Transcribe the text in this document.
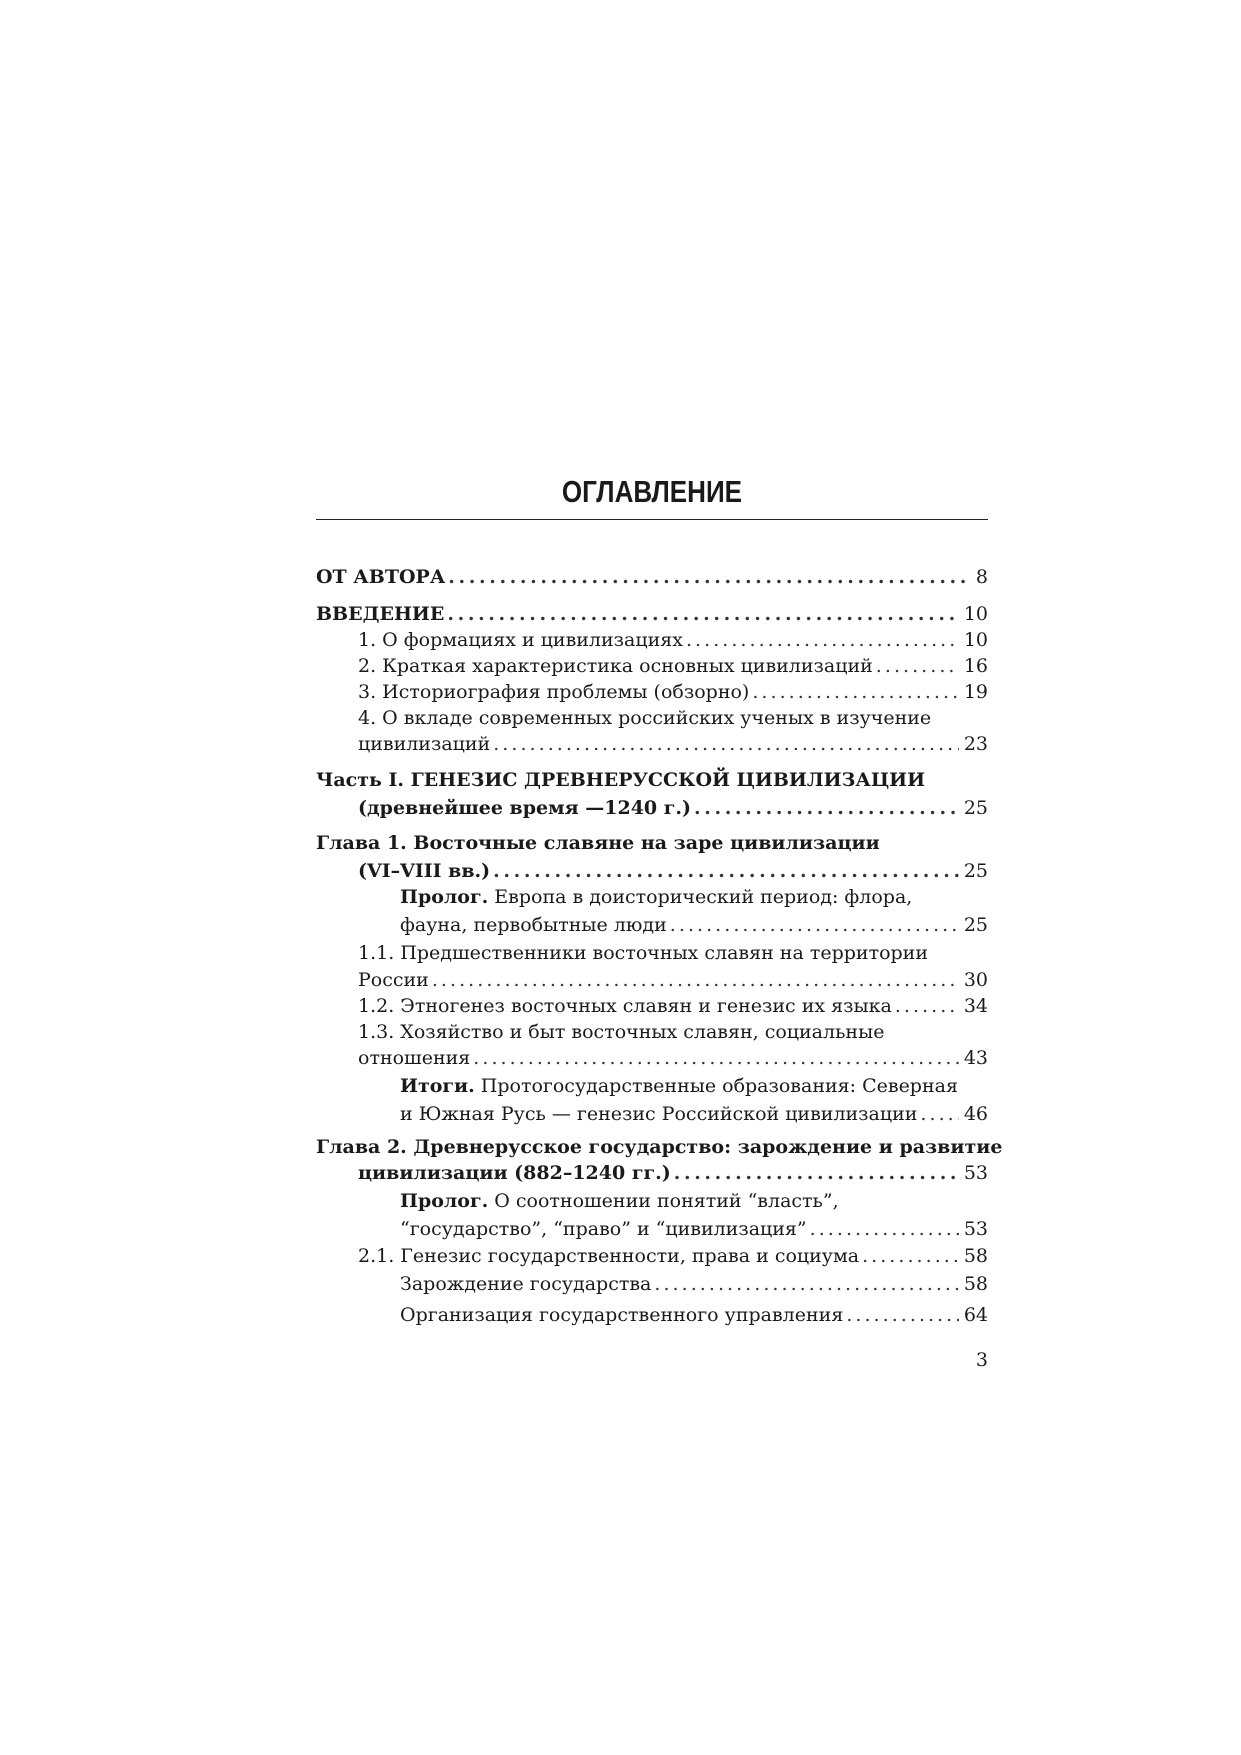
ОГЛАВЛЕНИЕ
ОТ АВТОРА . . .	8
ВВЕДЕНИЕ . . .	10
1. О формациях и цивилизациях . . .	10
2. Краткая характеристика основных цивилизаций . . .	16
3. Историография проблемы (обзорно) . . .	19
4. О вкладе современных российских ученых в изучение
цивилизаций . . .	23
Часть I. ГЕНЕЗИС ДРЕВНЕРУССКОЙ ЦИВИЛИЗАЦИИ
(древнейшее время —1240 г.) . . .	25
Глава 1. Восточные славяне на заре цивилизации
(VI–VIII вв.) . . .	25
Пролог. Европа в доисторический период: флора,
фауна, первобытные люди . . .	25
1.1. Предшественники восточных славян на территории
России . . .	30
1.2. Этногенез восточных славян и генезис их языка . . .	34
1.3. Хозяйство и быт восточных славян, социальные
отношения . . .	43
Итоги. Протогосударственные образования: Северная
и Южная Русь — генезис Российской цивилизации . . . 46
Глава 2. Древнерусское государство: зарождение и развитие
цивилизации (882–1240 гг.) . . .	53
Пролог. О соотношении понятий “власть”,
“государство”, “право” и “цивилизация” . . .	53
2.1. Генезис государственности, права и социума . . .	58
Зарождение государства . . .	58
Организация государственного управления . . .	64
3
